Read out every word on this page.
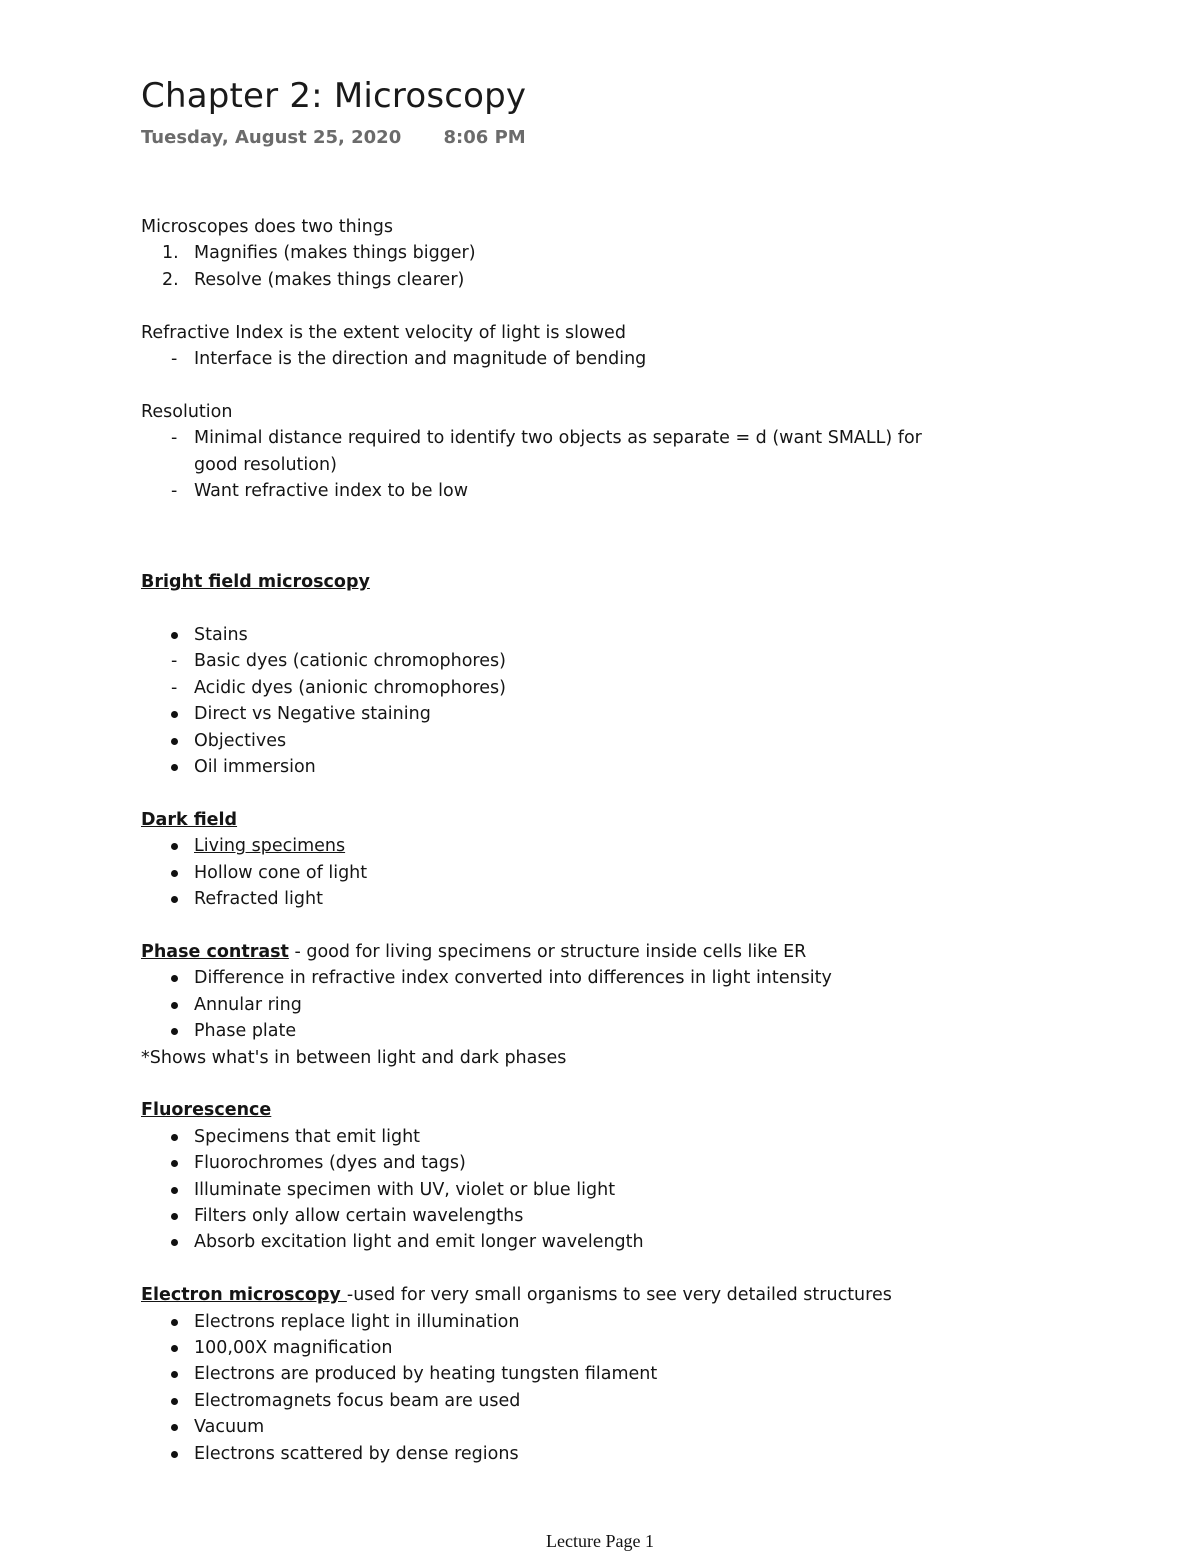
Chapter 2: Microscopy
Tuesday, August 25, 2020 8:06 PM

Microscopes does two things

1. Magnifies (makes things bigger)
2. Resolve (makes things clearer)

Refractive Index is the extent velocity of light is slowed

- Interface is the direction and magnitude of bending

Resolution

- Minimal distance required to identify two objects as separate = d (want SMALL) for good resolution)
- Want refractive index to be low

Bright field microscopy

Stains
- Basic dyes (cationic chromophores)
- Acidic dyes (anionic chromophores)
Direct vs Negative staining
Objectives
Oil immersion

Dark field

Living specimens
Hollow cone of light
Refracted light

Phase contrast - good for living specimens or structure inside cells like ER

Difference in refractive index converted into differences in light intensity
Annular ring
Phase plate

*Shows what's in between light and dark phases

Fluorescence

Specimens that emit light
Fluorochromes (dyes and tags)
Illuminate specimen with UV, violet or blue light
Filters only allow certain wavelengths
Absorb excitation light and emit longer wavelength

Electron microscopy -used for very small organisms to see very detailed structures

Electrons replace light in illumination
100,00X magnification
Electrons are produced by heating tungsten filament
Electromagnets focus beam are used
Vacuum
Electrons scattered by dense regions
Lecture Page 1
